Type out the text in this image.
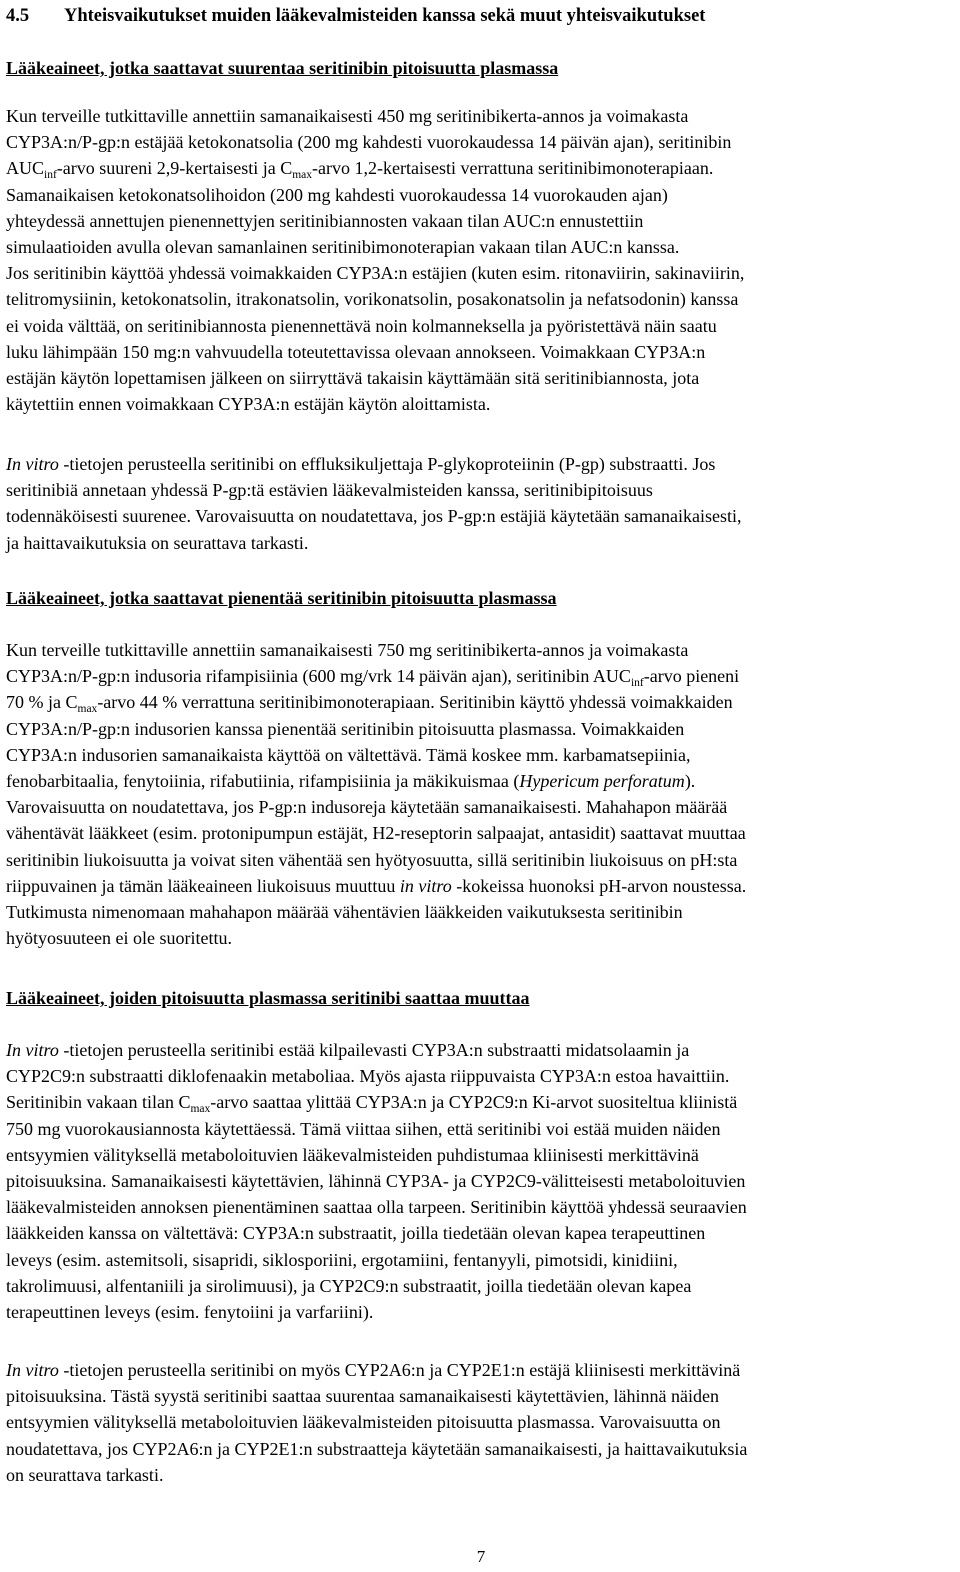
4.5 Yhteisvaikutukset muiden lääkevalmisteiden kanssa sekä muut yhteisvaikutukset
Lääkeaineet, jotka saattavat suurentaa seritinibin pitoisuutta plasmassa

Kun terveille tutkittaville annettiin samanaikaisesti 450 mg seritinibikerta-annos ja voimakasta
CYP3A:n/P-gp:n estäjää ketokonatsolia (200 mg kahdesti vuorokaudessa 14 päivän ajan), seritinibin
$AUC_{inf}$-arvo suureni 2,9-kertaisesti ja $C_{max}$-arvo 1,2-kertaisesti verrattuna seritinibimonoterapiaan.
Samanaikaisen ketokonatsolihoidon (200 mg kahdesti vuorokaudessa 14 vuorokauden ajan)
yhteydessä annettujen pienennettyjen seritinibiannosten vakaan tilan AUC:n ennustettiin
simulaatioiden avulla olevan samanlainen seritinibimonoterapian vakaan tilan AUC:n kanssa.
Jos seritinibin käyttöä yhdessä voimakkaiden CYP3A:n estäjien (kuten esim. ritonaviirin, sakinaviirin,
telitromysiinin, ketokonatsolin, itrakonatsolin, vorikonatsolin, posakonatsolin ja nefatsodonin) kanssa
ei voida välttää, on seritinibiannosta pienennettävä noin kolmanneksella ja pyöristettävä näin saatu
luku lähimpään 150 mg:n vahvuudella toteutettavissa olevaan annokseen. Voimakkaan CYP3A:n
estäjän käytön lopettamisen jälkeen on siirryttävä takaisin käyttämään sitä seritinibiannosta, jota
käytettiin ennen voimakkaan CYP3A:n estäjän käytön aloittamista.

In vitro -tietojen perusteella seritinibi on effluksikuljettaja P-glykoproteiinin (P-gp) substraatti. Jos
seritinibiä annetaan yhdessä P-gp:tä estävien lääkevalmisteiden kanssa, seritinibipitoisuus
todennäköisesti suurenee. Varovaisuutta on noudatettava, jos P-gp:n estäjiä käytetään samanaikaisesti,
ja haittavaikutuksia on seurattava tarkasti.

Lääkeaineet, jotka saattavat pienentää seritinibin pitoisuutta plasmassa

Kun terveille tutkittaville annettiin samanaikaisesti 750 mg seritinibikerta-annos ja voimakasta
CYP3A:n/P-gp:n indusoria rifampisiinia (600 mg/vrk 14 päivän ajan), seritinibin $AUC_{inf}$-arvo pieneni
70 % ja $C_{max}$-arvo 44 % verrattuna seritinibimonoterapiaan. Seritinibin käyttö yhdessä voimakkaiden
CYP3A:n/P-gp:n indusorien kanssa pienentää seritinibin pitoisuutta plasmassa. Voimakkaiden
CYP3A:n indusorien samanaikaista käyttöä on vältettävä. Tämä koskee mm. karbamatsepiinia,
fenobarbitaalia, fenytoiinia, rifabutiinia, rifampisiinia ja mäkikuismaa (Hypericum perforatum).
Varovaisuutta on noudatettava, jos P-gp:n indusoreja käytetään samanaikaisesti. Mahahapon määrää
vähentävät lääkkeet (esim. protonipumpun estäjät, H2-reseptorin salpaajat, antasidit) saattavat muuttaa
seritinibin liukoisuutta ja voivat siten vähentää sen hyötyosuutta, sillä seritinibin liukoisuus on pH:sta
riippuvainen ja tämän lääkeaineen liukoisuus muuttuu in vitro -kokeissa huonoksi pH-arvon noustessa.
Tutkimusta nimenomaan mahahapon määrää vähentävien lääkkeiden vaikutuksesta seritinibin
hyötyosuuteen ei ole suoritettu.

Lääkeaineet, joiden pitoisuutta plasmassa seritinibi saattaa muuttaa

In vitro -tietojen perusteella seritinibi estää kilpailevasti CYP3A:n substraatti midatsolaamin ja
CYP2C9:n substraatti diklofenaakin metaboliaa. Myös ajasta riippuvaista CYP3A:n estoa havaittiin.
Seritinibin vakaan tilan $C_{max}$-arvo saattaa ylittää CYP3A:n ja CYP2C9:n Ki-arvot suositeltua kliinistä
750 mg vuorokausiannosta käytettäessä. Tämä viittaa siihen, että seritinibi voi estää muiden näiden
entsyymien välityksellä metaboloituvien lääkevalmisteiden puhdistumaa kliinisesti merkittävinä
pitoisuuksina. Samanaikaisesti käytettävien, lähinnä CYP3A- ja CYP2C9-välitteisesti metaboloituvien
lääkevalmisteiden annoksen pienentäminen saattaa olla tarpeen. Seritinibin käyttöä yhdessä seuraavien
lääkkeiden kanssa on vältettävä: CYP3A:n substraatit, joilla tiedetään olevan kapea terapeuttinen
leveys (esim. astemitsoli, sisapridi, siklosporiini, ergotamiini, fentanyyli, pimotsidi, kinidiini,
takrolimuusi, alfentaniili ja sirolimuusi), ja CYP2C9:n substraatit, joilla tiedetään olevan kapea
terapeuttinen leveys (esim. fenytoiini ja varfariini).

In vitro -tietojen perusteella seritinibi on myös CYP2A6:n ja CYP2E1:n estäjä kliinisesti merkittävinä
pitoisuuksina. Tästä syystä seritinibi saattaa suurentaa samanaikaisesti käytettävien, lähinnä näiden
entsyymien välityksellä metaboloituvien lääkevalmisteiden pitoisuutta plasmassa. Varovaisuutta on
noudatettava, jos CYP2A6:n ja CYP2E1:n substraatteja käytetään samanaikaisesti, ja haittavaikutuksia
on seurattava tarkasti.

7
